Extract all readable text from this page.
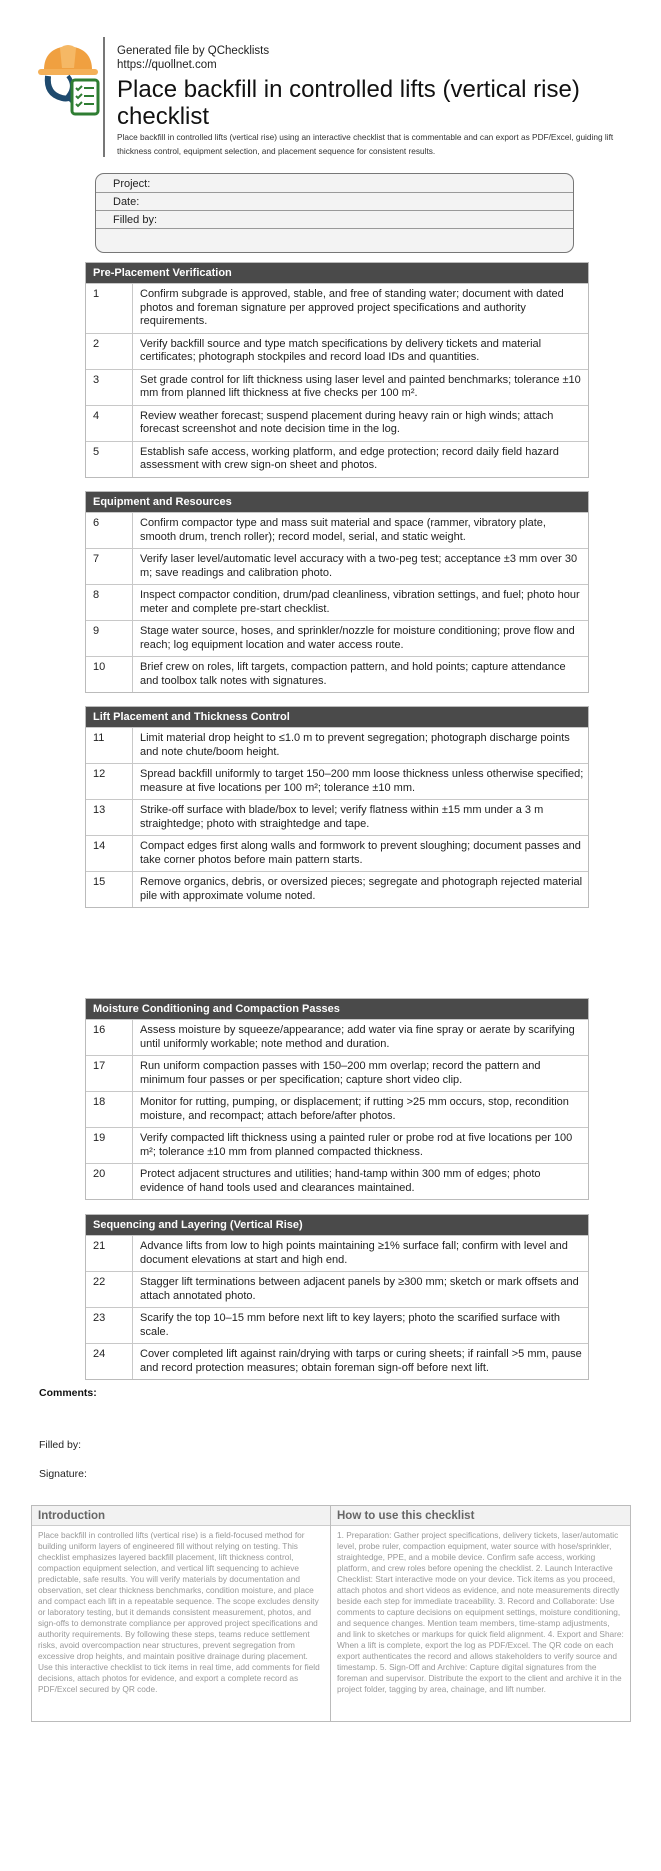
Generated file by QChecklists
https://quollnet.com
Place backfill in controlled lifts (vertical rise) checklist
Place backfill in controlled lifts (vertical rise) using an interactive checklist that is commentable and can export as PDF/Excel, guiding lift thickness control, equipment selection, and placement sequence for consistent results.
Project:
Date:
Filled by:
Pre-Placement Verification
1	Confirm subgrade is approved, stable, and free of standing water; document with dated photos and foreman signature per approved project specifications and authority requirements.
2	Verify backfill source and type match specifications by delivery tickets and material certificates; photograph stockpiles and record load IDs and quantities.
3	Set grade control for lift thickness using laser level and painted benchmarks; tolerance ±10 mm from planned lift thickness at five checks per 100 m².
4	Review weather forecast; suspend placement during heavy rain or high winds; attach forecast screenshot and note decision time in the log.
5	Establish safe access, working platform, and edge protection; record daily field hazard assessment with crew sign-on sheet and photos.
Equipment and Resources
6	Confirm compactor type and mass suit material and space (rammer, vibratory plate, smooth drum, trench roller); record model, serial, and static weight.
7	Verify laser level/automatic level accuracy with a two-peg test; acceptance ±3 mm over 30 m; save readings and calibration photo.
8	Inspect compactor condition, drum/pad cleanliness, vibration settings, and fuel; photo hour meter and complete pre-start checklist.
9	Stage water source, hoses, and sprinkler/nozzle for moisture conditioning; prove flow and reach; log equipment location and water access route.
10	Brief crew on roles, lift targets, compaction pattern, and hold points; capture attendance and toolbox talk notes with signatures.
Lift Placement and Thickness Control
11	Limit material drop height to ≤1.0 m to prevent segregation; photograph discharge points and note chute/boom height.
12	Spread backfill uniformly to target 150–200 mm loose thickness unless otherwise specified; measure at five locations per 100 m²; tolerance ±10 mm.
13	Strike-off surface with blade/box to level; verify flatness within ±15 mm under a 3 m straightedge; photo with straightedge and tape.
14	Compact edges first along walls and formwork to prevent sloughing; document passes and take corner photos before main pattern starts.
15	Remove organics, debris, or oversized pieces; segregate and photograph rejected material pile with approximate volume noted.
Moisture Conditioning and Compaction Passes
16	Assess moisture by squeeze/appearance; add water via fine spray or aerate by scarifying until uniformly workable; note method and duration.
17	Run uniform compaction passes with 150–200 mm overlap; record the pattern and minimum four passes or per specification; capture short video clip.
18	Monitor for rutting, pumping, or displacement; if rutting >25 mm occurs, stop, recondition moisture, and recompact; attach before/after photos.
19	Verify compacted lift thickness using a painted ruler or probe rod at five locations per 100 m²; tolerance ±10 mm from planned compacted thickness.
20	Protect adjacent structures and utilities; hand-tamp within 300 mm of edges; photo evidence of hand tools used and clearances maintained.
Sequencing and Layering (Vertical Rise)
21	Advance lifts from low to high points maintaining ≥1% surface fall; confirm with level and document elevations at start and high end.
22	Stagger lift terminations between adjacent panels by ≥300 mm; sketch or mark offsets and attach annotated photo.
23	Scarify the top 10–15 mm before next lift to key layers; photo the scarified surface with scale.
24	Cover completed lift against rain/drying with tarps or curing sheets; if rainfall >5 mm, pause and record protection measures; obtain foreman sign-off before next lift.
Comments:
Filled by:
Signature:
Introduction
Place backfill in controlled lifts (vertical rise) is a field-focused method for building uniform layers of engineered fill without relying on testing. This checklist emphasizes layered backfill placement, lift thickness control, compaction equipment selection, and vertical lift sequencing to achieve predictable, safe results. You will verify materials by documentation and observation, set clear thickness benchmarks, condition moisture, and place and compact each lift in a repeatable sequence. The scope excludes density or laboratory testing, but it demands consistent measurement, photos, and sign-offs to demonstrate compliance per approved project specifications and authority requirements. By following these steps, teams reduce settlement risks, avoid overcompaction near structures, prevent segregation from excessive drop heights, and maintain positive drainage during placement. Use this interactive checklist to tick items in real time, add comments for field decisions, attach photos for evidence, and export a complete record as PDF/Excel secured by QR code.
How to use this checklist
1. Preparation: Gather project specifications, delivery tickets, laser/automatic level, probe ruler, compaction equipment, water source with hose/sprinkler, straightedge, PPE, and a mobile device. Confirm safe access, working platform, and crew roles before opening the checklist. 2. Launch Interactive Checklist: Start interactive mode on your device. Tick items as you proceed, attach photos and short videos as evidence, and note measurements directly beside each step for immediate traceability. 3. Record and Collaborate: Use comments to capture decisions on equipment settings, moisture conditioning, and sequence changes. Mention team members, time-stamp adjustments, and link to sketches or markups for quick field alignment. 4. Export and Share: When a lift is complete, export the log as PDF/Excel. The QR code on each export authenticates the record and allows stakeholders to verify source and timestamp. 5. Sign-Off and Archive: Capture digital signatures from the foreman and supervisor. Distribute the export to the client and archive it in the project folder, tagging by area, chainage, and lift number.
